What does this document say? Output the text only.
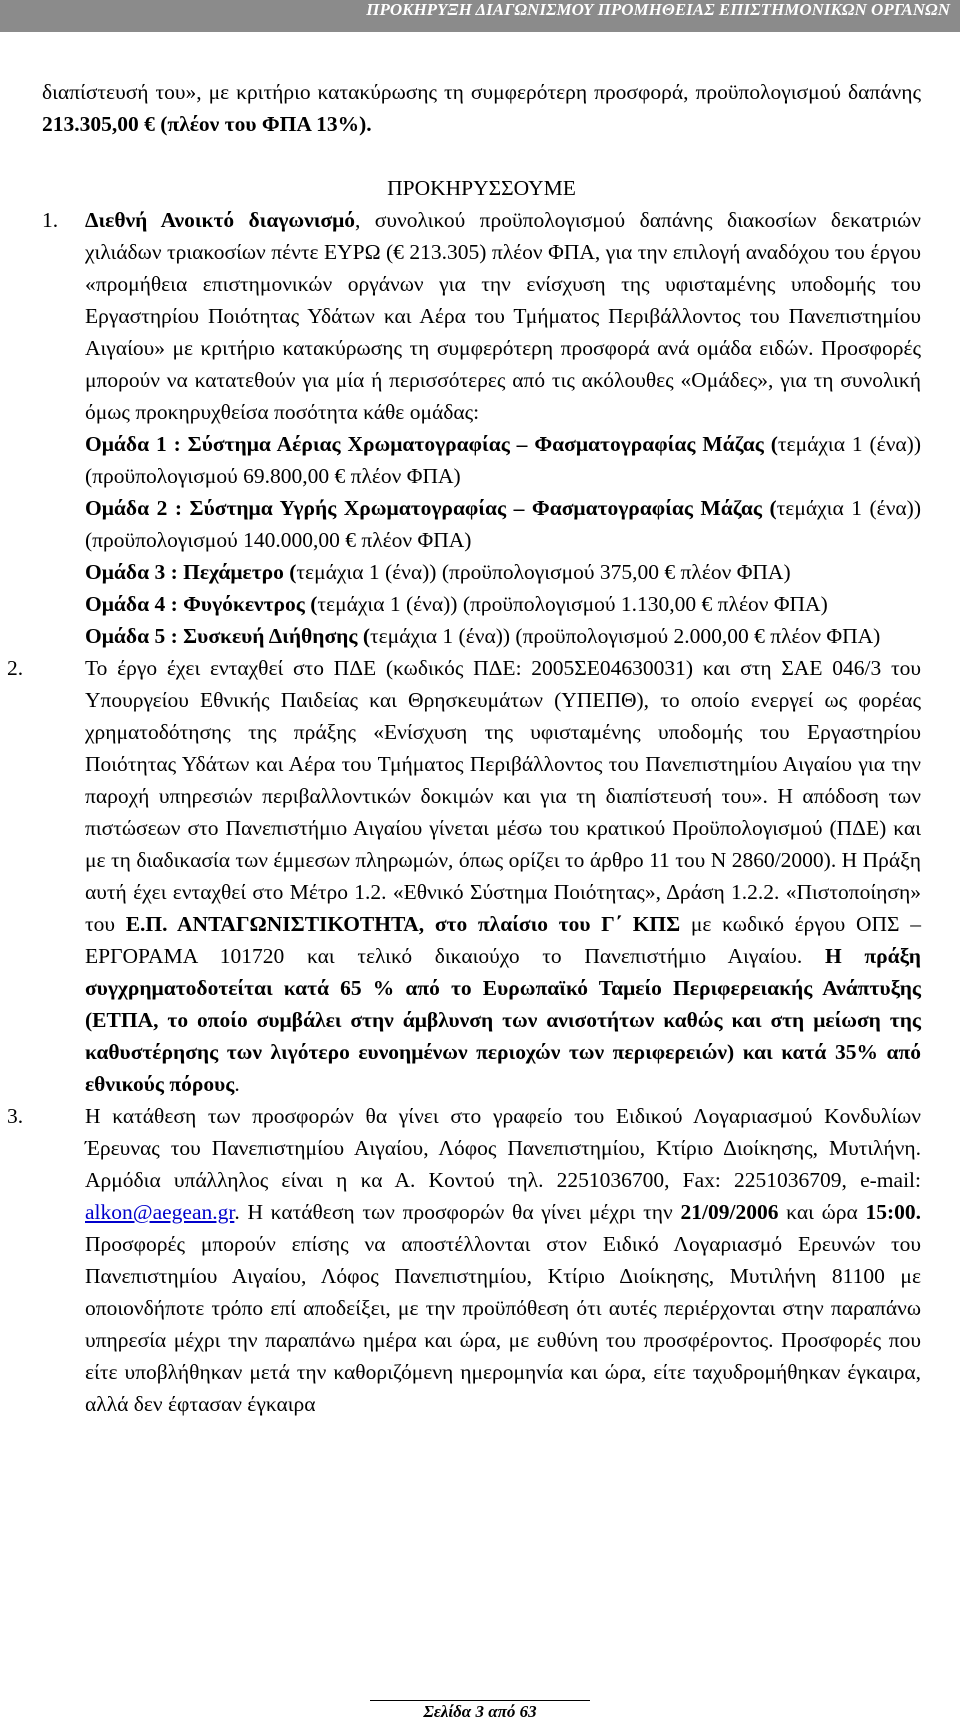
ΠΡΟΚΗΡΥΞΗ ΔΙΑΓΩΝΙΣΜΟΥ ΠΡΟΜΗΘΕΙΑΣ ΕΠΙΣΤΗΜΟΝΙΚΩΝ ΟΡΓΑΝΩΝ

διαπίστευσή του», με κριτήριο κατακύρωσης τη συμφερότερη προσφορά, προϋπολογισμού δαπάνης 213.305,00 € (πλέον του ΦΠΑ 13%).

ΠΡΟΚΗΡΥΣΣΟΥΜΕ

1. Διεθνή Ανοικτό διαγωνισμό, συνολικού προϋπολογισμού δαπάνης διακοσίων δεκατριών χιλιάδων τριακοσίων πέντε ΕΥΡΩ (€ 213.305) πλέον ΦΠΑ, για την επιλογή αναδόχου του έργου «προμήθεια επιστημονικών οργάνων για την ενίσχυση της υφισταμένης υποδομής του Εργαστηρίου Ποιότητας Υδάτων και Αέρα του Τμήματος Περιβάλλοντος του Πανεπιστημίου Αιγαίου» με κριτήριο κατακύρωσης τη συμφερότερη προσφορά ανά ομάδα ειδών. Προσφορές μπορούν να κατατεθούν για μία ή περισσότερες από τις ακόλουθες «Ομάδες», για τη συνολική όμως προκηρυχθείσα ποσότητα κάθε ομάδας:

Ομάδα 1 : Σύστημα Αέριας Χρωματογραφίας – Φασματογραφίας Μάζας (τεμάχια 1 (ένα)) (προϋπολογισμού 69.800,00 € πλέον ΦΠΑ)

Ομάδα 2 : Σύστημα Υγρής Χρωματογραφίας – Φασματογραφίας Μάζας (τεμάχια 1 (ένα)) (προϋπολογισμού 140.000,00 € πλέον ΦΠΑ)

Ομάδα 3 : Πεχάμετρο (τεμάχια 1 (ένα)) (προϋπολογισμού 375,00 € πλέον ΦΠΑ)

Ομάδα 4 : Φυγόκεντρος (τεμάχια 1 (ένα)) (προϋπολογισμού 1.130,00 € πλέον ΦΠΑ)

Ομάδα 5 : Συσκευή Διήθησης (τεμάχια 1 (ένα)) (προϋπολογισμού 2.000,00 € πλέον ΦΠΑ)

2.	Το έργο έχει ενταχθεί στο ΠΔΕ (κωδικός ΠΔΕ: 2005ΣΕ04630031) και στη ΣΑΕ 046/3 του Υπουργείου Εθνικής Παιδείας και Θρησκευμάτων (ΥΠΕΠΘ), το οποίο ενεργεί ως φορέας χρηματοδότησης της πράξης «Ενίσχυση της υφισταμένης υποδομής του Εργαστηρίου Ποιότητας Υδάτων και Αέρα του Τμήματος Περιβάλλοντος του Πανεπιστημίου Αιγαίου για την παροχή υπηρεσιών περιβαλλοντικών δοκιμών και για τη διαπίστευσή του». Η απόδοση των πιστώσεων στο Πανεπιστήμιο Αιγαίου γίνεται μέσω του κρατικού Προϋπολογισμού (ΠΔΕ) και με τη διαδικασία των έμμεσων πληρωμών, όπως ορίζει το άρθρο 11 του Ν 2860/2000). Η Πράξη αυτή έχει ενταχθεί στο Μέτρο 1.2. «Εθνικό Σύστημα Ποιότητας», Δράση 1.2.2. «Πιστοποίηση» του Ε.Π. ΑΝΤΑΓΩΝΙΣΤΙΚΟΤΗΤΑ, στο πλαίσιο του Γ΄ ΚΠΣ με κωδικό έργου ΟΠΣ – ΕΡΓΟΡΑΜΑ 101720 και τελικό δικαιούχο το Πανεπιστήμιο Αιγαίου. Η πράξη συγχρηματοδοτείται κατά 65 % από το Ευρωπαϊκό Ταμείο Περιφερειακής Ανάπτυξης (ΕΤΠΑ, το οποίο συμβάλει στην άμβλυνση των ανισοτήτων καθώς και στη μείωση της καθυστέρησης των λιγότερο ευνοημένων περιοχών των περιφερειών) και κατά 35% από εθνικούς πόρους.

3.	Η κατάθεση των προσφορών θα γίνει στο γραφείο του Ειδικού Λογαριασμού Κονδυλίων Έρευνας του Πανεπιστημίου Αιγαίου, Λόφος Πανεπιστημίου, Κτίριο Διοίκησης, Μυτιλήνη. Αρμόδια υπάλληλος είναι η κα Α. Κοντού τηλ. 2251036700, Fax: 2251036709, e-mail: alkon@aegean.gr. Η κατάθεση των προσφορών θα γίνει μέχρι την 21/09/2006 και ώρα 15:00. Προσφορές μπορούν επίσης να αποστέλλονται στον Ειδικό Λογαριασμό Ερευνών του Πανεπιστημίου Αιγαίου, Λόφος Πανεπιστημίου, Κτίριο Διοίκησης, Μυτιλήνη 81100 με οποιονδήποτε τρόπο επί αποδείξει, με την προϋπόθεση ότι αυτές περιέρχονται στην παραπάνω υπηρεσία μέχρι την παραπάνω ημέρα και ώρα, με ευθύνη του προσφέροντος. Προσφορές που είτε υποβλήθηκαν μετά την καθοριζόμενη ημερομηνία και ώρα, είτε ταχυδρομήθηκαν έγκαιρα, αλλά δεν έφτασαν έγκαιρα

Σελίδα 3 από 63
